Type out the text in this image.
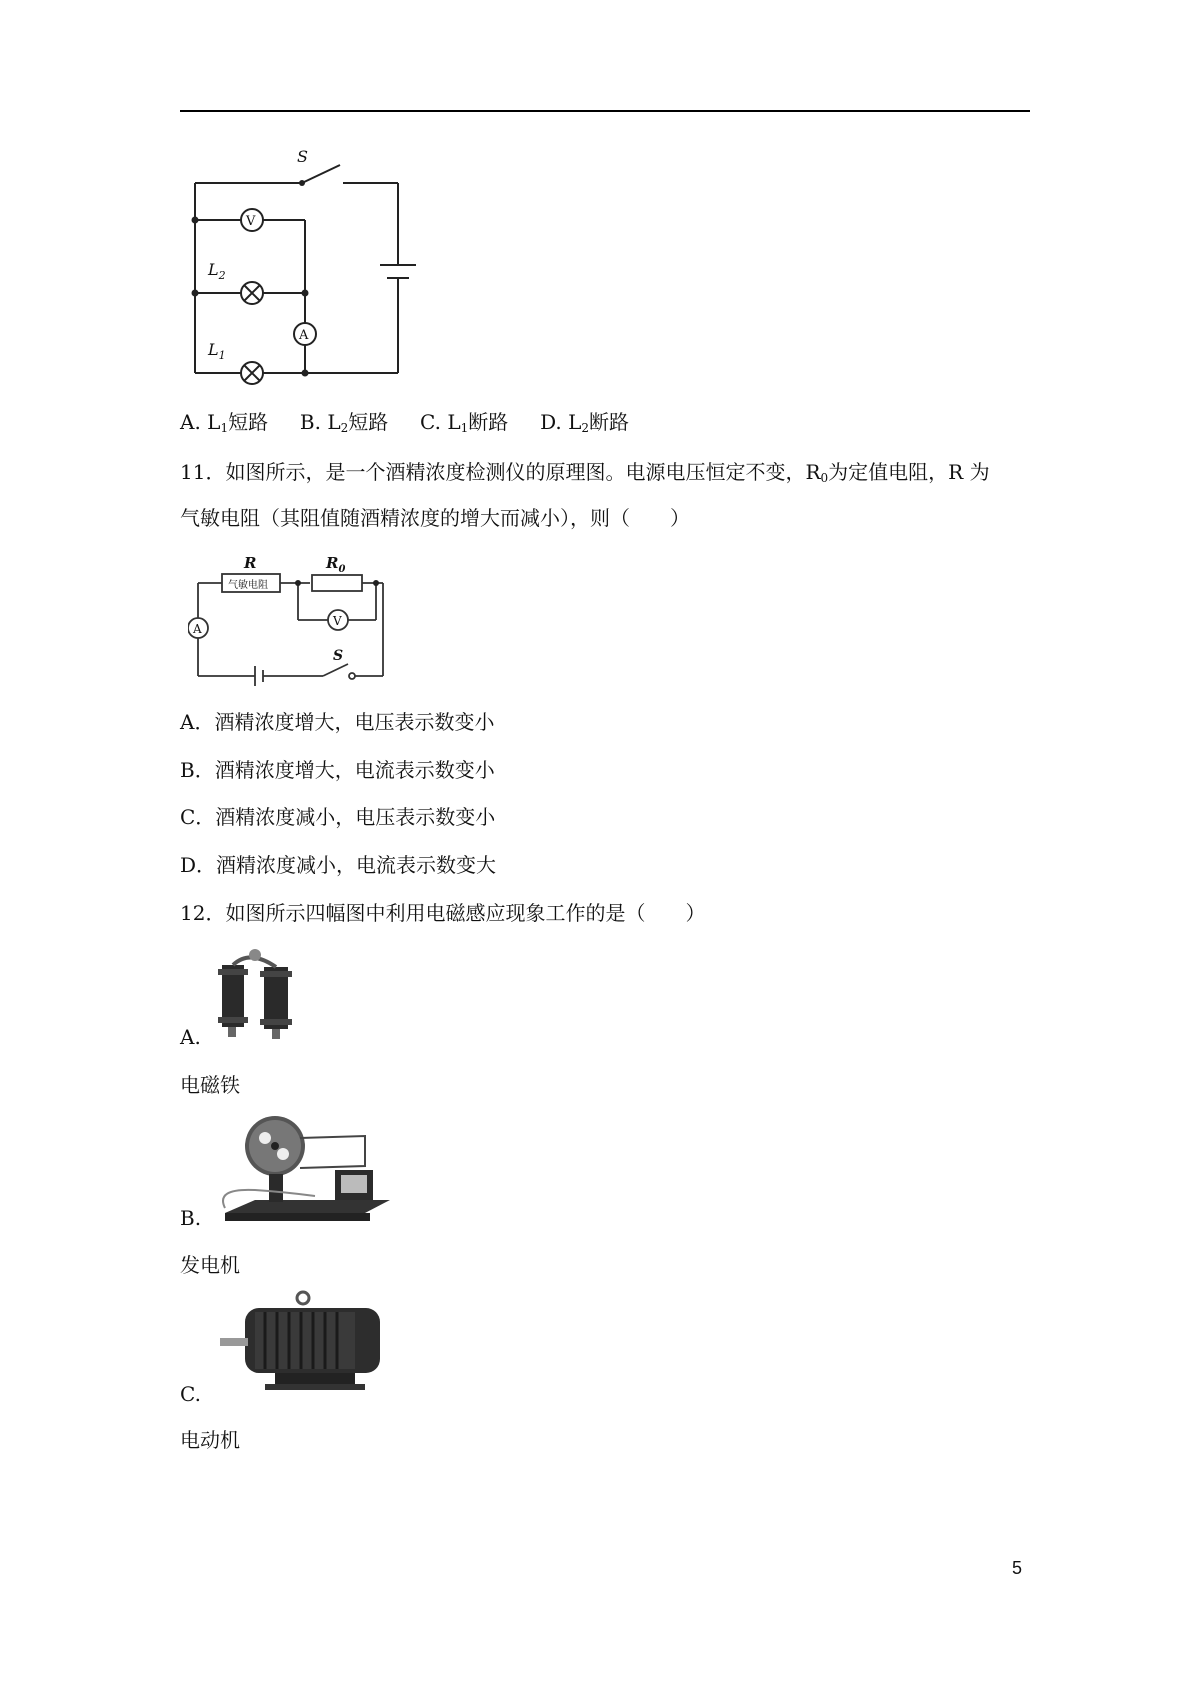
S
V
A
$L_2$
$L_1$
A. $L_1$短路 B. $L_2$短路 C. $L_1$断路 D. $L_2$断路
11．如图所示，是一个酒精浓度检测仪的原理图。电源电压恒定不变，$R_0$为定值电阻，R 为
气敏电阻（其阻值随酒精浓度的增大而减小），则（　　）
R
气敏电阻
$R_0$
V
A
S
A．酒精浓度增大，电压表示数变小
B．酒精浓度增大，电流表示数变小
C．酒精浓度减小，电压表示数变小
D．酒精浓度减小，电流表示数变大
12．如图所示四幅图中利用电磁感应现象工作的是（　　）
A.
电磁铁
B.
发电机
C.
电动机
5
